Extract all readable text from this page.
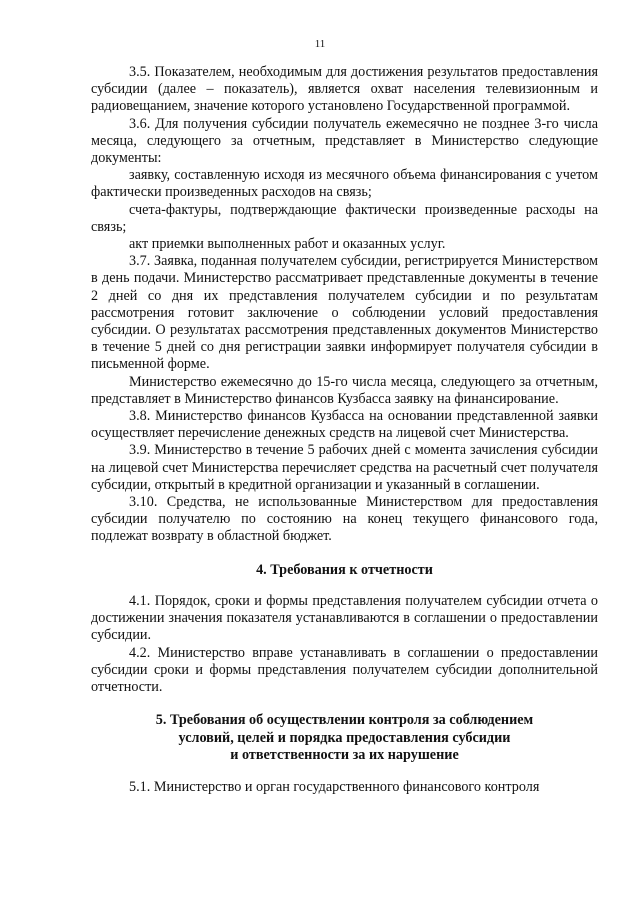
11

3.5. Показателем, необходимым для достижения результатов предоставления субсидии (далее – показатель), является охват населения телевизионным и радиовещанием, значение которого установлено Государственной программой.

3.6. Для получения субсидии получатель ежемесячно не позднее 3-го числа месяца, следующего за отчетным, представляет в Министерство следующие документы:

заявку, составленную исходя из месячного объема финансирования с учетом фактически произведенных расходов на связь;

счета-фактуры, подтверждающие фактически произведенные расходы на связь;

акт приемки выполненных работ и оказанных услуг.

3.7. Заявка, поданная получателем субсидии, регистрируется Министерством в день подачи. Министерство рассматривает представленные документы в течение 2 дней со дня их представления получателем субсидии и по результатам рассмотрения готовит заключение о соблюдении условий предоставления субсидии. О результатах рассмотрения представленных документов Министерство в течение 5 дней со дня регистрации заявки информирует получателя субсидии в письменной форме.

Министерство ежемесячно до 15-го числа месяца, следующего за отчетным, представляет в Министерство финансов Кузбасса заявку на финансирование.

3.8. Министерство финансов Кузбасса на основании представленной заявки осуществляет перечисление денежных средств на лицевой счет Министерства.

3.9. Министерство в течение 5 рабочих дней с момента зачисления субсидии на лицевой счет Министерства перечисляет средства на расчетный счет получателя субсидии, открытый в кредитной организации и указанный в соглашении.

3.10. Средства, не использованные Министерством для предоставления субсидии получателю по состоянию на конец текущего финансового года, подлежат возврату в областной бюджет.

4. Требования к отчетности

4.1. Порядок, сроки и формы представления получателем субсидии отчета о достижении значения показателя устанавливаются в соглашении о предоставлении субсидии.

4.2. Министерство вправе устанавливать в соглашении о предоставлении субсидии сроки и формы представления получателем субсидии дополнительной отчетности.

5. Требования об осуществлении контроля за соблюдением
условий, целей и порядка предоставления субсидии
и ответственности за их нарушение

5.1. Министерство и орган государственного финансового контроля
